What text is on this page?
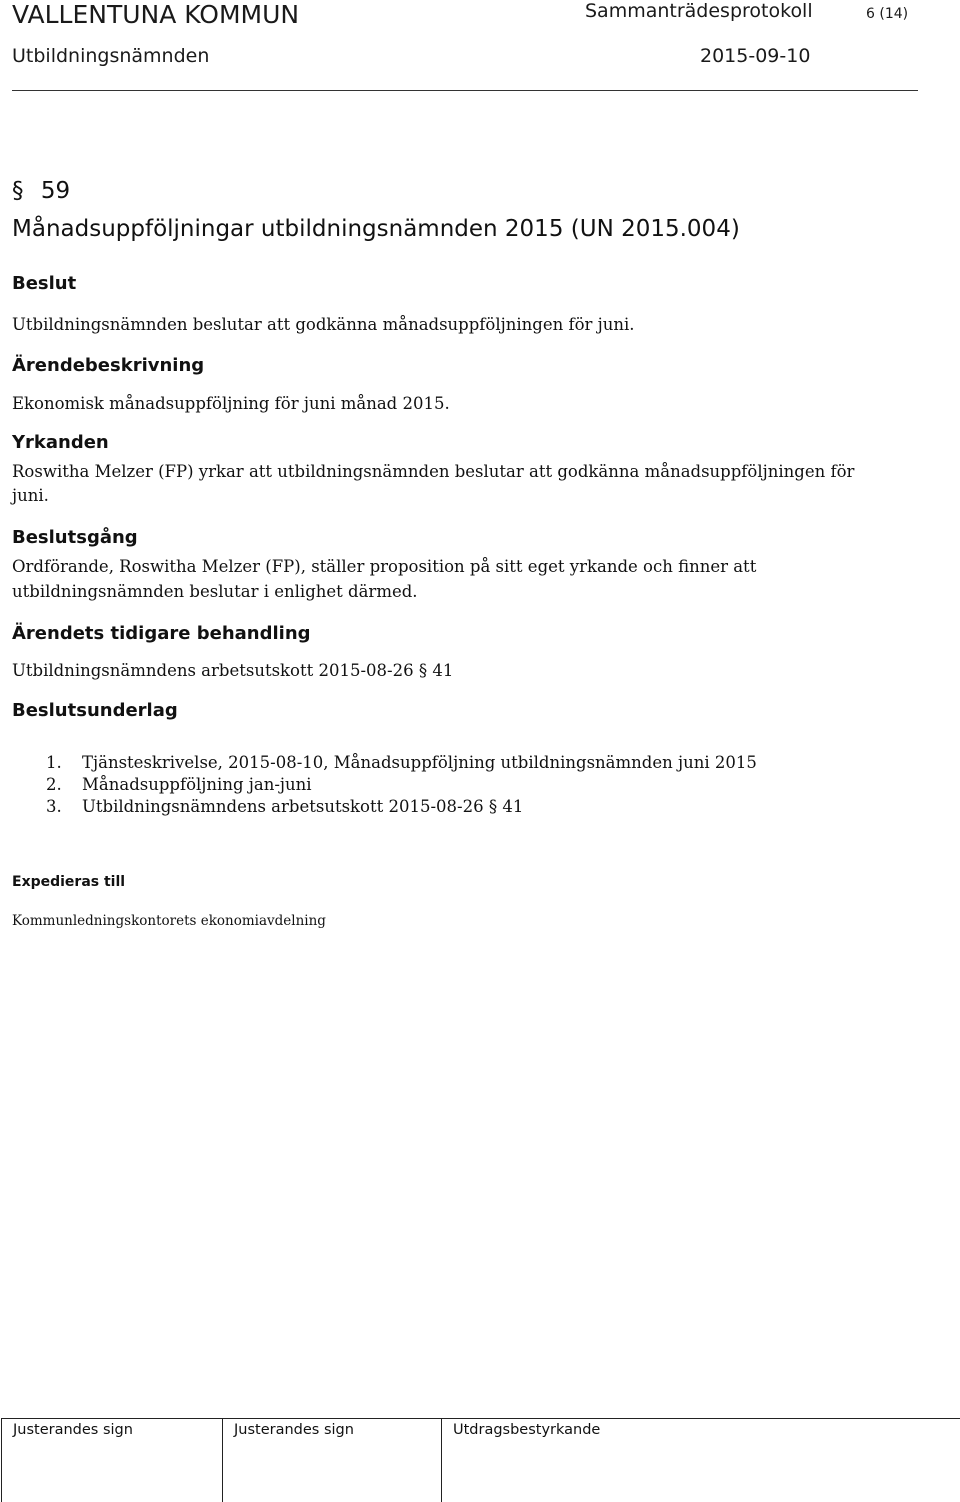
VALLENTUNA KOMMUN	Sammanträdesprotokoll	6 (14)
Utbildningsnämnden	2015-09-10
§ 59
Månadsuppföljningar utbildningsnämnden 2015 (UN 2015.004)
Beslut
Utbildningsnämnden beslutar att godkänna månadsuppföljningen för juni.
Ärendebeskrivning
Ekonomisk månadsuppföljning för juni månad 2015.
Yrkanden
Roswitha Melzer (FP) yrkar att utbildningsnämnden beslutar att godkänna månadsuppföljningen för
juni.
Beslutsgång
Ordförande, Roswitha Melzer (FP), ställer proposition på sitt eget yrkande och finner att
utbildningsnämnden beslutar i enlighet därmed.
Ärendets tidigare behandling
Utbildningsnämndens arbetsutskott 2015-08-26 § 41
Beslutsunderlag
1. Tjänsteskrivelse, 2015-08-10, Månadsuppföljning utbildningsnämnden juni 2015
2. Månadsuppföljning jan-juni
3. Utbildningsnämndens arbetsutskott 2015-08-26 § 41
Expedieras till
Kommunledningskontorets ekonomiavdelning
Justerandes sign	Justerandes sign	Utdragsbestyrkande
